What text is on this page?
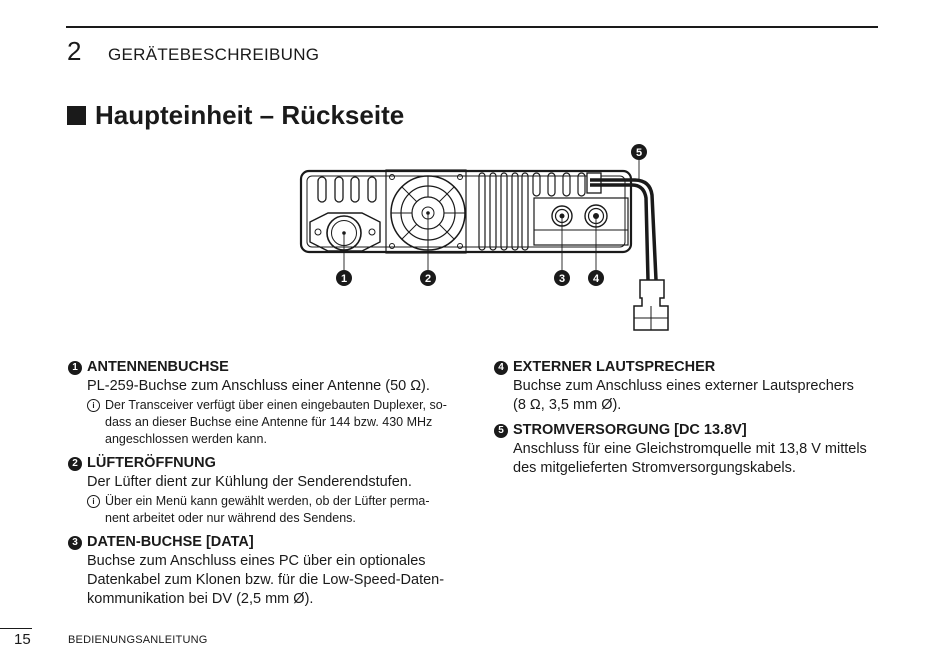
2 GERÄTEBESCHREIBUNG
Haupteinheit – Rückseite
1	2	3	4
5
1 ANTENNENBUCHSE
PL-259-Buchse zum Anschluss einer Antenne (50 Ω).
i Der Transceiver verfügt über einen eingebauten Duplexer, so-
dass an dieser Buchse eine Antenne für 144 bzw. 430 MHz
angeschlossen werden kann.
2 LÜFTERÖFFNUNG
Der Lüfter dient zur Kühlung der Senderendstufen.
i Über ein Menü kann gewählt werden, ob der Lüfter perma-
nent arbeitet oder nur während des Sendens.
3 DATEN-BUCHSE [DATA]
Buchse zum Anschluss eines PC über ein optionales
Datenkabel zum Klonen bzw. für die Low-Speed-Daten-
kommunikation bei DV (2,5 mm Ø).
4 EXTERNER LAUTSPRECHER
Buchse zum Anschluss eines externer Lautsprechers
(8 Ω, 3,5 mm Ø).
5 STROMVERSORGUNG [DC 13.8V]
Anschluss für eine Gleichstromquelle mit 13,8 V mittels
des mitgelieferten Stromversorgungskabels.
15	BEDIENUNGSANLEITUNG
